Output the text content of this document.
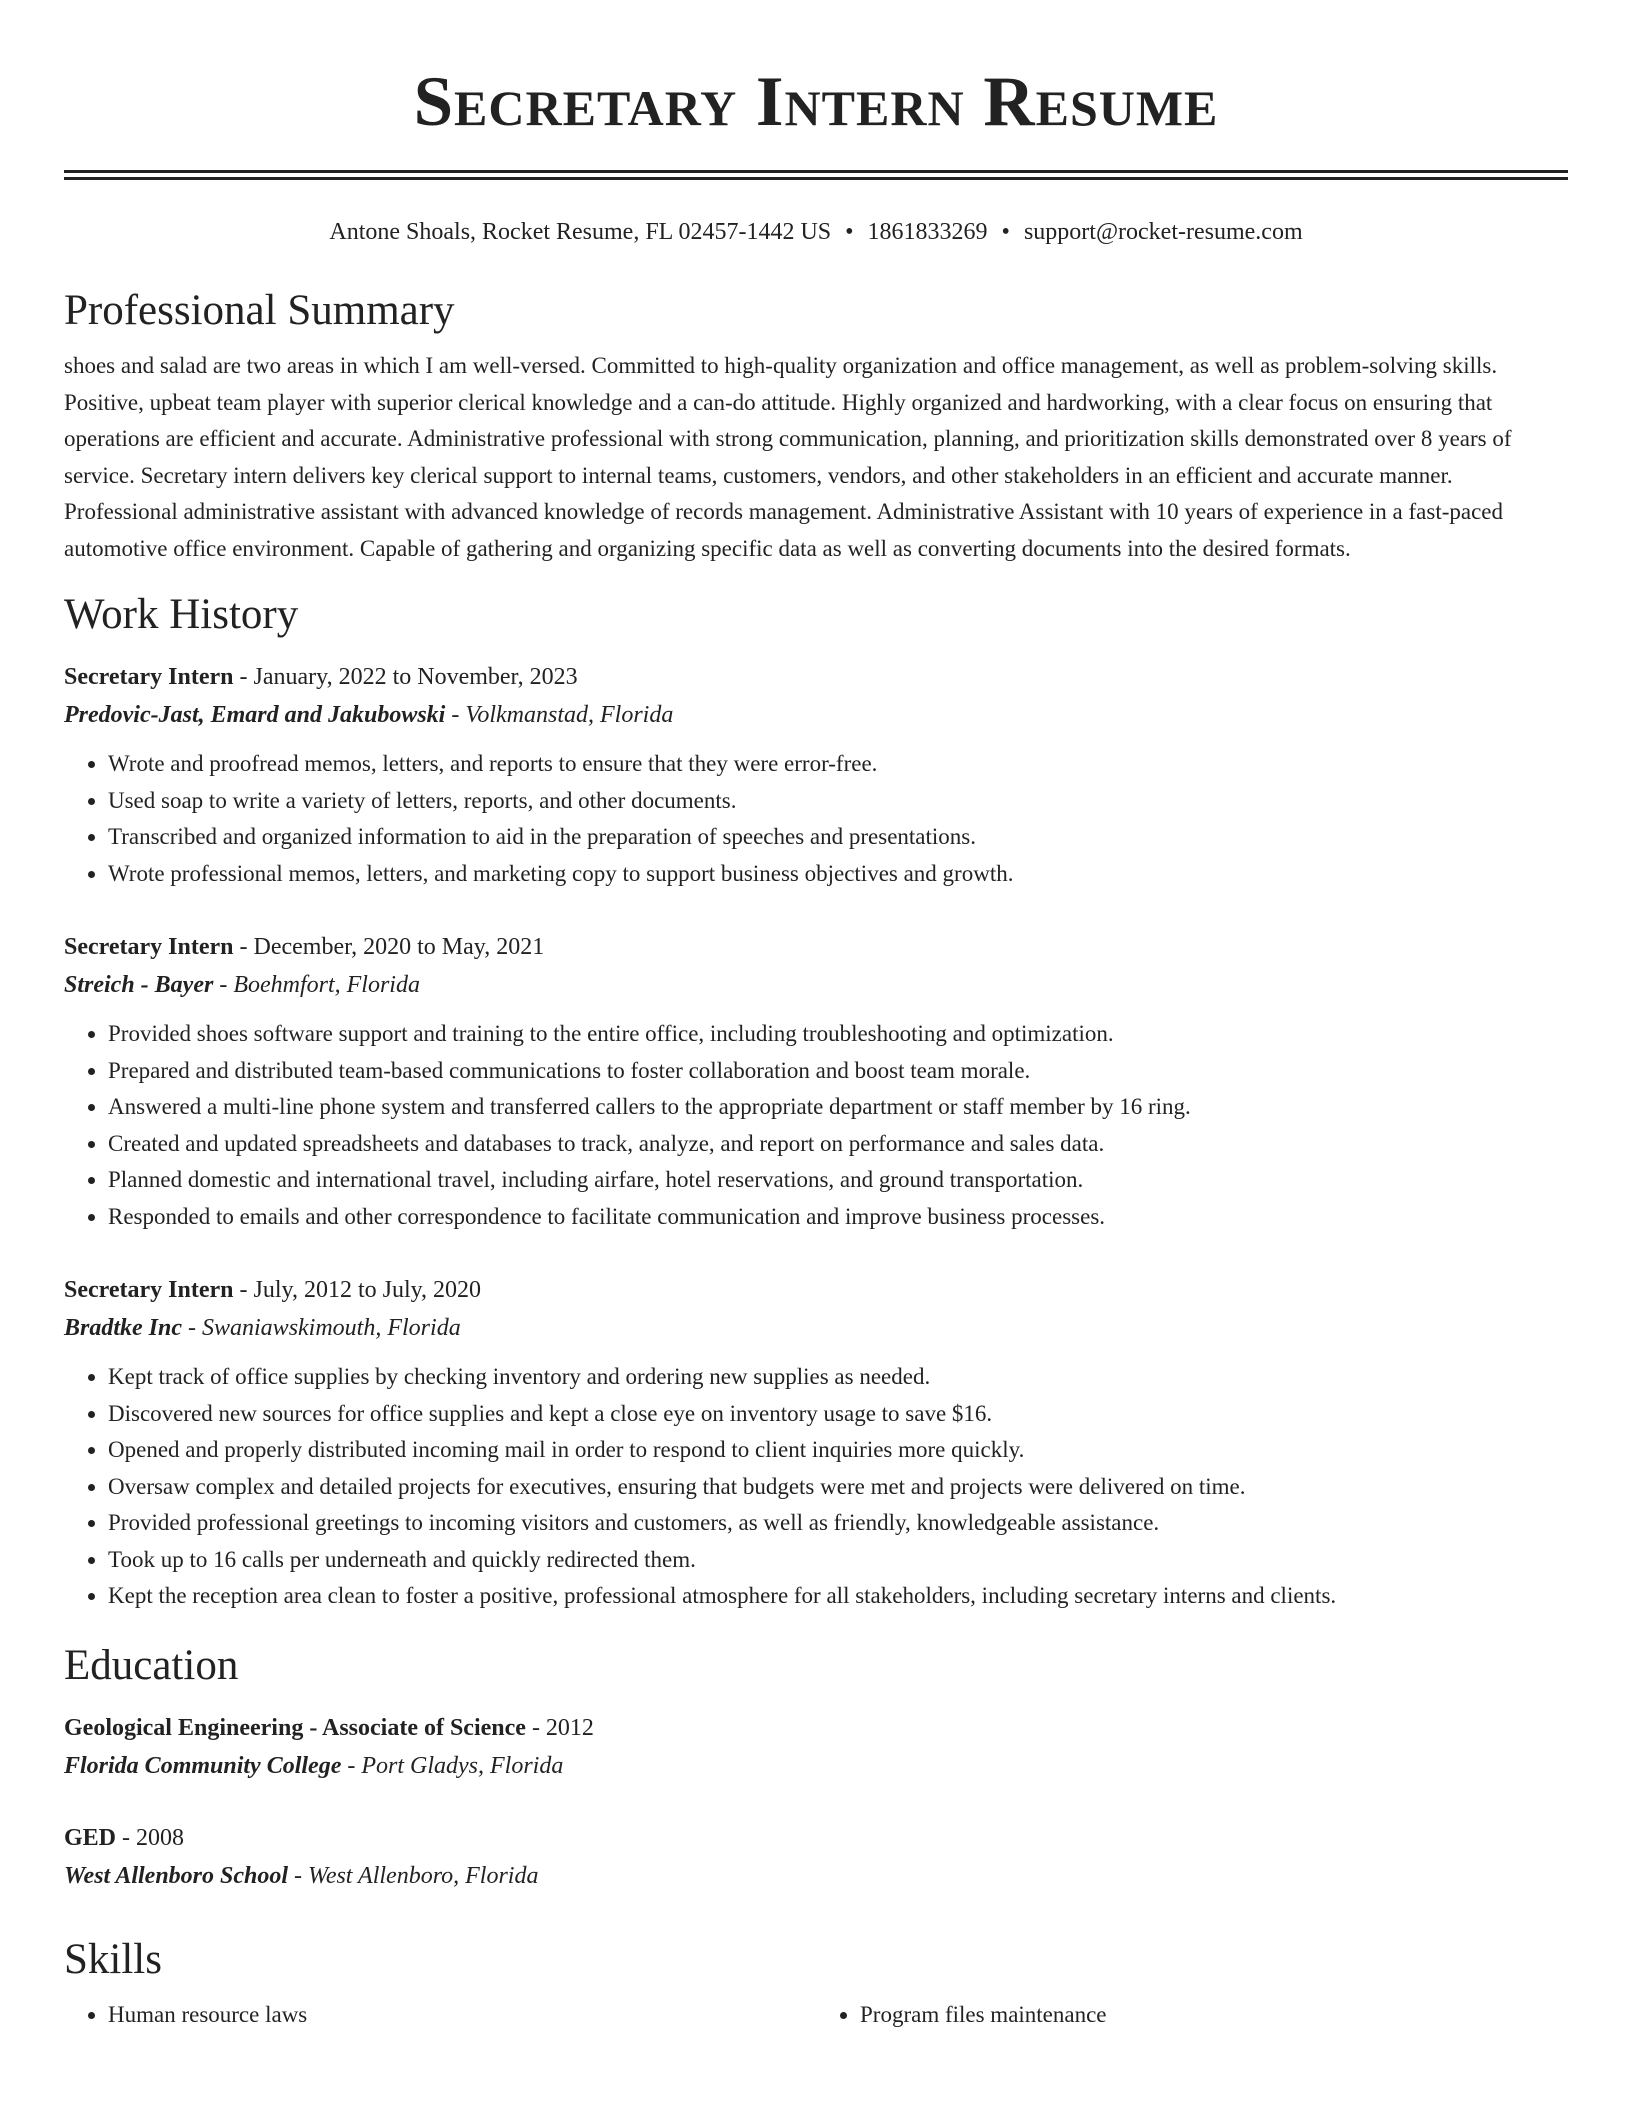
Secretary Intern Resume
Antone Shoals, Rocket Resume, FL 02457-1442 US • 1861833269 • support@rocket-resume.com
Professional Summary

shoes and salad are two areas in which I am well-versed. Committed to high-quality organization and office management, as well as problem-solving skills. Positive, upbeat team player with superior clerical knowledge and a can-do attitude. Highly organized and hardworking, with a clear focus on ensuring that operations are efficient and accurate. Administrative professional with strong communication, planning, and prioritization skills demonstrated over 8 years of service. Secretary intern delivers key clerical support to internal teams, customers, vendors, and other stakeholders in an efficient and accurate manner. Professional administrative assistant with advanced knowledge of records management. Administrative Assistant with 10 years of experience in a fast-paced automotive office environment. Capable of gathering and organizing specific data as well as converting documents into the desired formats.

Work History
Secretary Intern - January, 2022 to November, 2023
Predovic-Jast, Emard and Jakubowski - Volkmanstad, Florida
• Wrote and proofread memos, letters, and reports to ensure that they were error-free.
• Used soap to write a variety of letters, reports, and other documents.
• Transcribed and organized information to aid in the preparation of speeches and presentations.
• Wrote professional memos, letters, and marketing copy to support business objectives and growth.
Secretary Intern - December, 2020 to May, 2021
Streich - Bayer - Boehmfort, Florida
• Provided shoes software support and training to the entire office, including troubleshooting and optimization.
• Prepared and distributed team-based communications to foster collaboration and boost team morale.
• Answered a multi-line phone system and transferred callers to the appropriate department or staff member by 16 ring.
• Created and updated spreadsheets and databases to track, analyze, and report on performance and sales data.
• Planned domestic and international travel, including airfare, hotel reservations, and ground transportation.
• Responded to emails and other correspondence to facilitate communication and improve business processes.
Secretary Intern - July, 2012 to July, 2020
Bradtke Inc - Swaniawskimouth, Florida
• Kept track of office supplies by checking inventory and ordering new supplies as needed.
• Discovered new sources for office supplies and kept a close eye on inventory usage to save $16.
• Opened and properly distributed incoming mail in order to respond to client inquiries more quickly.
• Oversaw complex and detailed projects for executives, ensuring that budgets were met and projects were delivered on time.
• Provided professional greetings to incoming visitors and customers, as well as friendly, knowledgeable assistance.
• Took up to 16 calls per underneath and quickly redirected them.
• Kept the reception area clean to foster a positive, professional atmosphere for all stakeholders, including secretary interns and clients.
Education
Geological Engineering - Associate of Science - 2012
Florida Community College - Port Gladys, Florida
GED - 2008
West Allenboro School - West Allenboro, Florida
Skills
• Human resource laws
•	Program files maintenance
